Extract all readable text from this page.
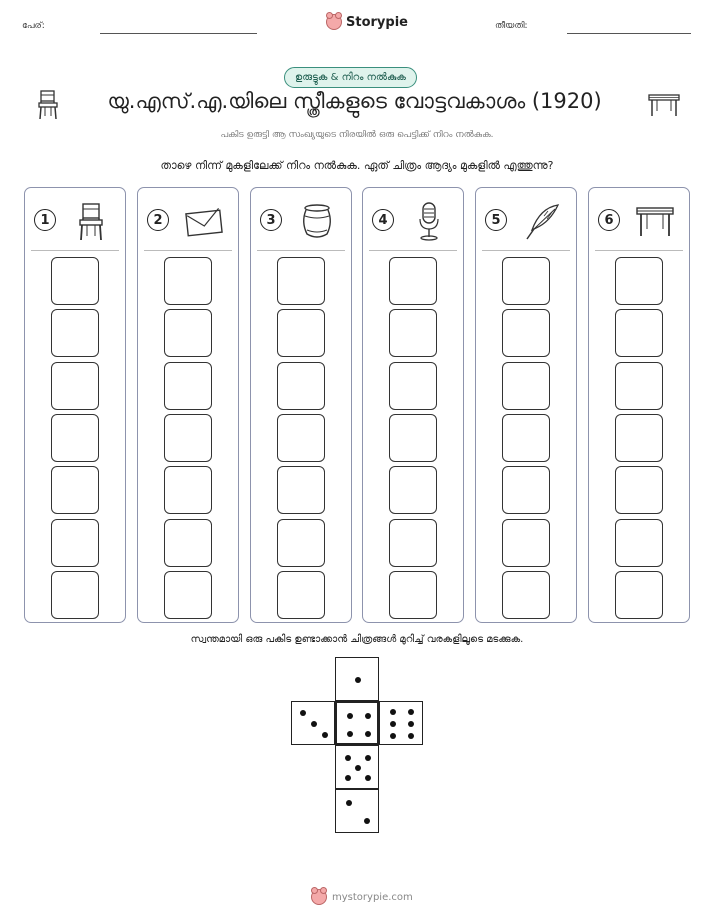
പേര്:	Storypie	തീയതി:
ഉരുട്ടുക & നിറം നൽകുക
യു.എസ്.എ.യിലെ സ്ത്രീകളുടെ വോട്ടവകാശം (1920)
പകിട ഉരുട്ടി ആ സംഖ്യയുടെ നിരയിൽ ഒരു പെട്ടിക്ക് നിറം നൽകുക.
താഴെ നിന്ന് മുകളിലേക്ക് നിറം നൽകുക. ഏത് ചിത്രം ആദ്യം മുകളിൽ എത്തുന്നു?
1	2	3	4	5	6
സ്വന്തമായി ഒരു പകിട ഉണ്ടാക്കാൻ ചിത്രങ്ങൾ മുറിച്ച് വരകളിലൂടെ മടക്കുക.
mystorypie.com
